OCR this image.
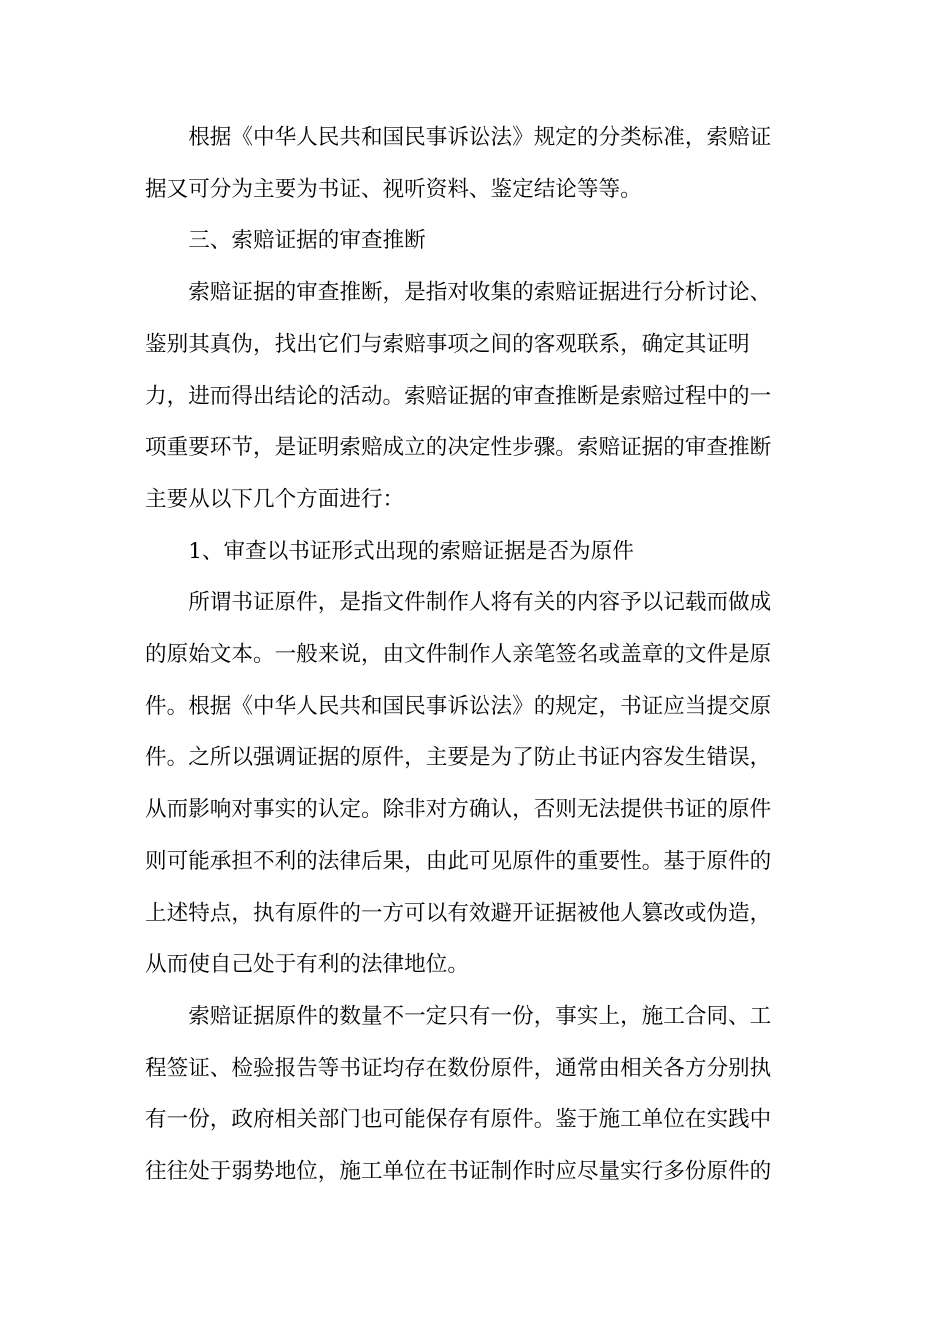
根据《中华人民共和国民事诉讼法》规定的分类标准，索赔证
据又可分为主要为书证、视听资料、鉴定结论等等。
三、索赔证据的审查推断
索赔证据的审查推断，是指对收集的索赔证据进行分析讨论、
鉴别其真伪，找出它们与索赔事项之间的客观联系，确定其证明
力，进而得出结论的活动。索赔证据的审查推断是索赔过程中的一
项重要环节，是证明索赔成立的决定性步骤。索赔证据的审查推断
主要从以下几个方面进行：
1、审查以书证形式出现的索赔证据是否为原件
所谓书证原件，是指文件制作人将有关的内容予以记载而做成
的原始文本。一般来说，由文件制作人亲笔签名或盖章的文件是原
件。根据《中华人民共和国民事诉讼法》的规定，书证应当提交原
件。之所以强调证据的原件，主要是为了防止书证内容发生错误，
从而影响对事实的认定。除非对方确认，否则无法提供书证的原件
则可能承担不利的法律后果，由此可见原件的重要性。基于原件的
上述特点，执有原件的一方可以有效避开证据被他人篡改或伪造，
从而使自己处于有利的法律地位。
索赔证据原件的数量不一定只有一份，事实上，施工合同、工
程签证、检验报告等书证均存在数份原件，通常由相关各方分别执
有一份，政府相关部门也可能保存有原件。鉴于施工单位在实践中
往往处于弱势地位，施工单位在书证制作时应尽量实行多份原件的
